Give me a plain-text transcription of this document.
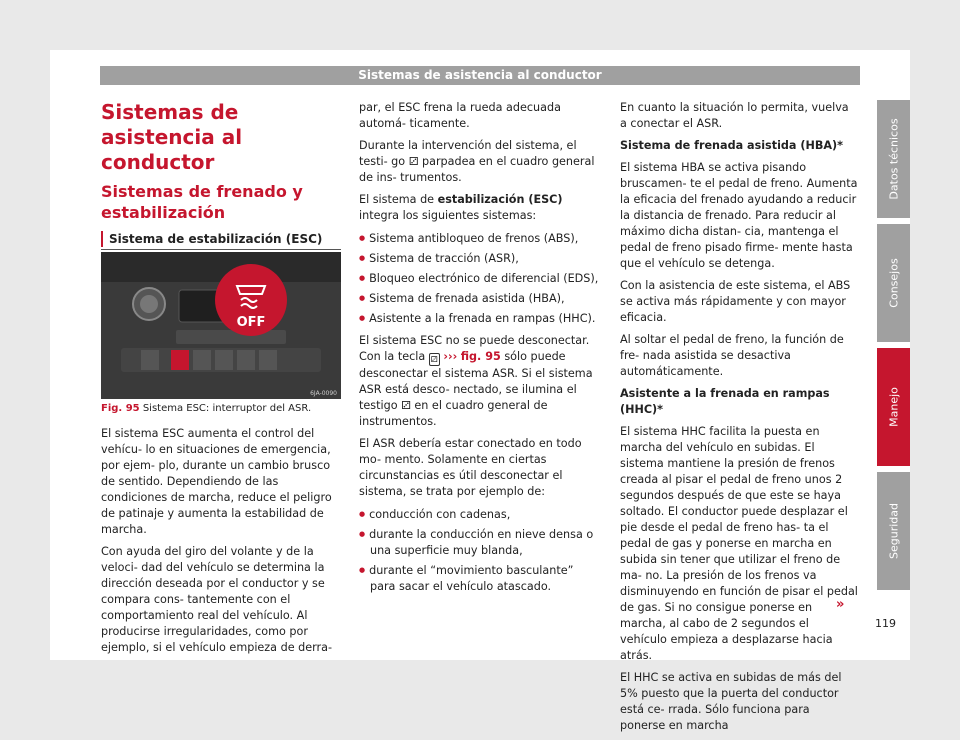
Sistemas de asistencia al conductor
Sistemas de asistencia al conductor
Sistemas de frenado y estabilización
Sistema de estabilización (ESC)
OFF
6JA-0090
Fig. 95 Sistema ESC: interruptor del ASR.

El sistema ESC aumenta el control del vehícu- lo en situaciones de emergencia, por ejem- plo, durante un cambio brusco de sentido. Dependiendo de las condiciones de marcha, reduce el peligro de patinaje y aumenta la estabilidad de marcha.

Con ayuda del giro del volante y de la veloci- dad del vehículo se determina la dirección deseada por el conductor y se compara cons- tantemente con el comportamiento real del vehículo. Al producirse irregularidades, como por ejemplo, si el vehículo empieza de derra-

par, el ESC frena la rueda adecuada automá- ticamente.

Durante la intervención del sistema, el testi- go ⚂ parpadea en el cuadro general de ins- trumentos.

El sistema de estabilización (ESC) integra los siguientes sistemas:

● Sistema antibloqueo de frenos (ABS),

● Sistema de tracción (ASR),

● Bloqueo electrónico de diferencial (EDS),

● Sistema de frenada asistida (HBA),

● Asistente a la frenada en rampas (HHC).

El sistema ESC no se puede desconectar. Con la tecla ⚂ ››› fig. 95 sólo puede desconectar el sistema ASR. Si el sistema ASR está desco- nectado, se ilumina el testigo ⚂ en el cuadro general de instrumentos.

El ASR debería estar conectado en todo mo- mento. Solamente en ciertas circunstancias es útil desconectar el sistema, se trata por ejemplo de:

● conducción con cadenas,

● durante la conducción en nieve densa o una superficie muy blanda,

● durante el “movimiento basculante” para sacar el vehículo atascado.

En cuanto la situación lo permita, vuelva a conectar el ASR.

Sistema de frenada asistida (HBA)*

El sistema HBA se activa pisando bruscamen- te el pedal de freno. Aumenta la eficacia del frenado ayudando a reducir la distancia de frenado. Para reducir al máximo dicha distan- cia, mantenga el pedal de freno pisado firme- mente hasta que el vehículo se detenga.

Con la asistencia de este sistema, el ABS se activa más rápidamente y con mayor eficacia.

Al soltar el pedal de freno, la función de fre- nada asistida se desactiva automáticamente.

Asistente a la frenada en rampas (HHC)*

El sistema HHC facilita la puesta en marcha del vehículo en subidas. El sistema mantiene la presión de frenos creada al pisar el pedal de freno unos 2 segundos después de que este se haya soltado. El conductor puede desplazar el pie desde el pedal de freno has- ta el pedal de gas y ponerse en marcha en subida sin tener que utilizar el freno de ma- no. La presión de los frenos va disminuyendo en función de pisar el pedal de gas. Si no consigue ponerse en marcha, al cabo de 2 segundos el vehículo empieza a desplazarse hacia atrás.

El HHC se activa en subidas de más del 5% puesto que la puerta del conductor está ce- rrada. Sólo funciona para ponerse en marcha

»
Datos técnicos
Consejos
Manejo
Seguridad
119
